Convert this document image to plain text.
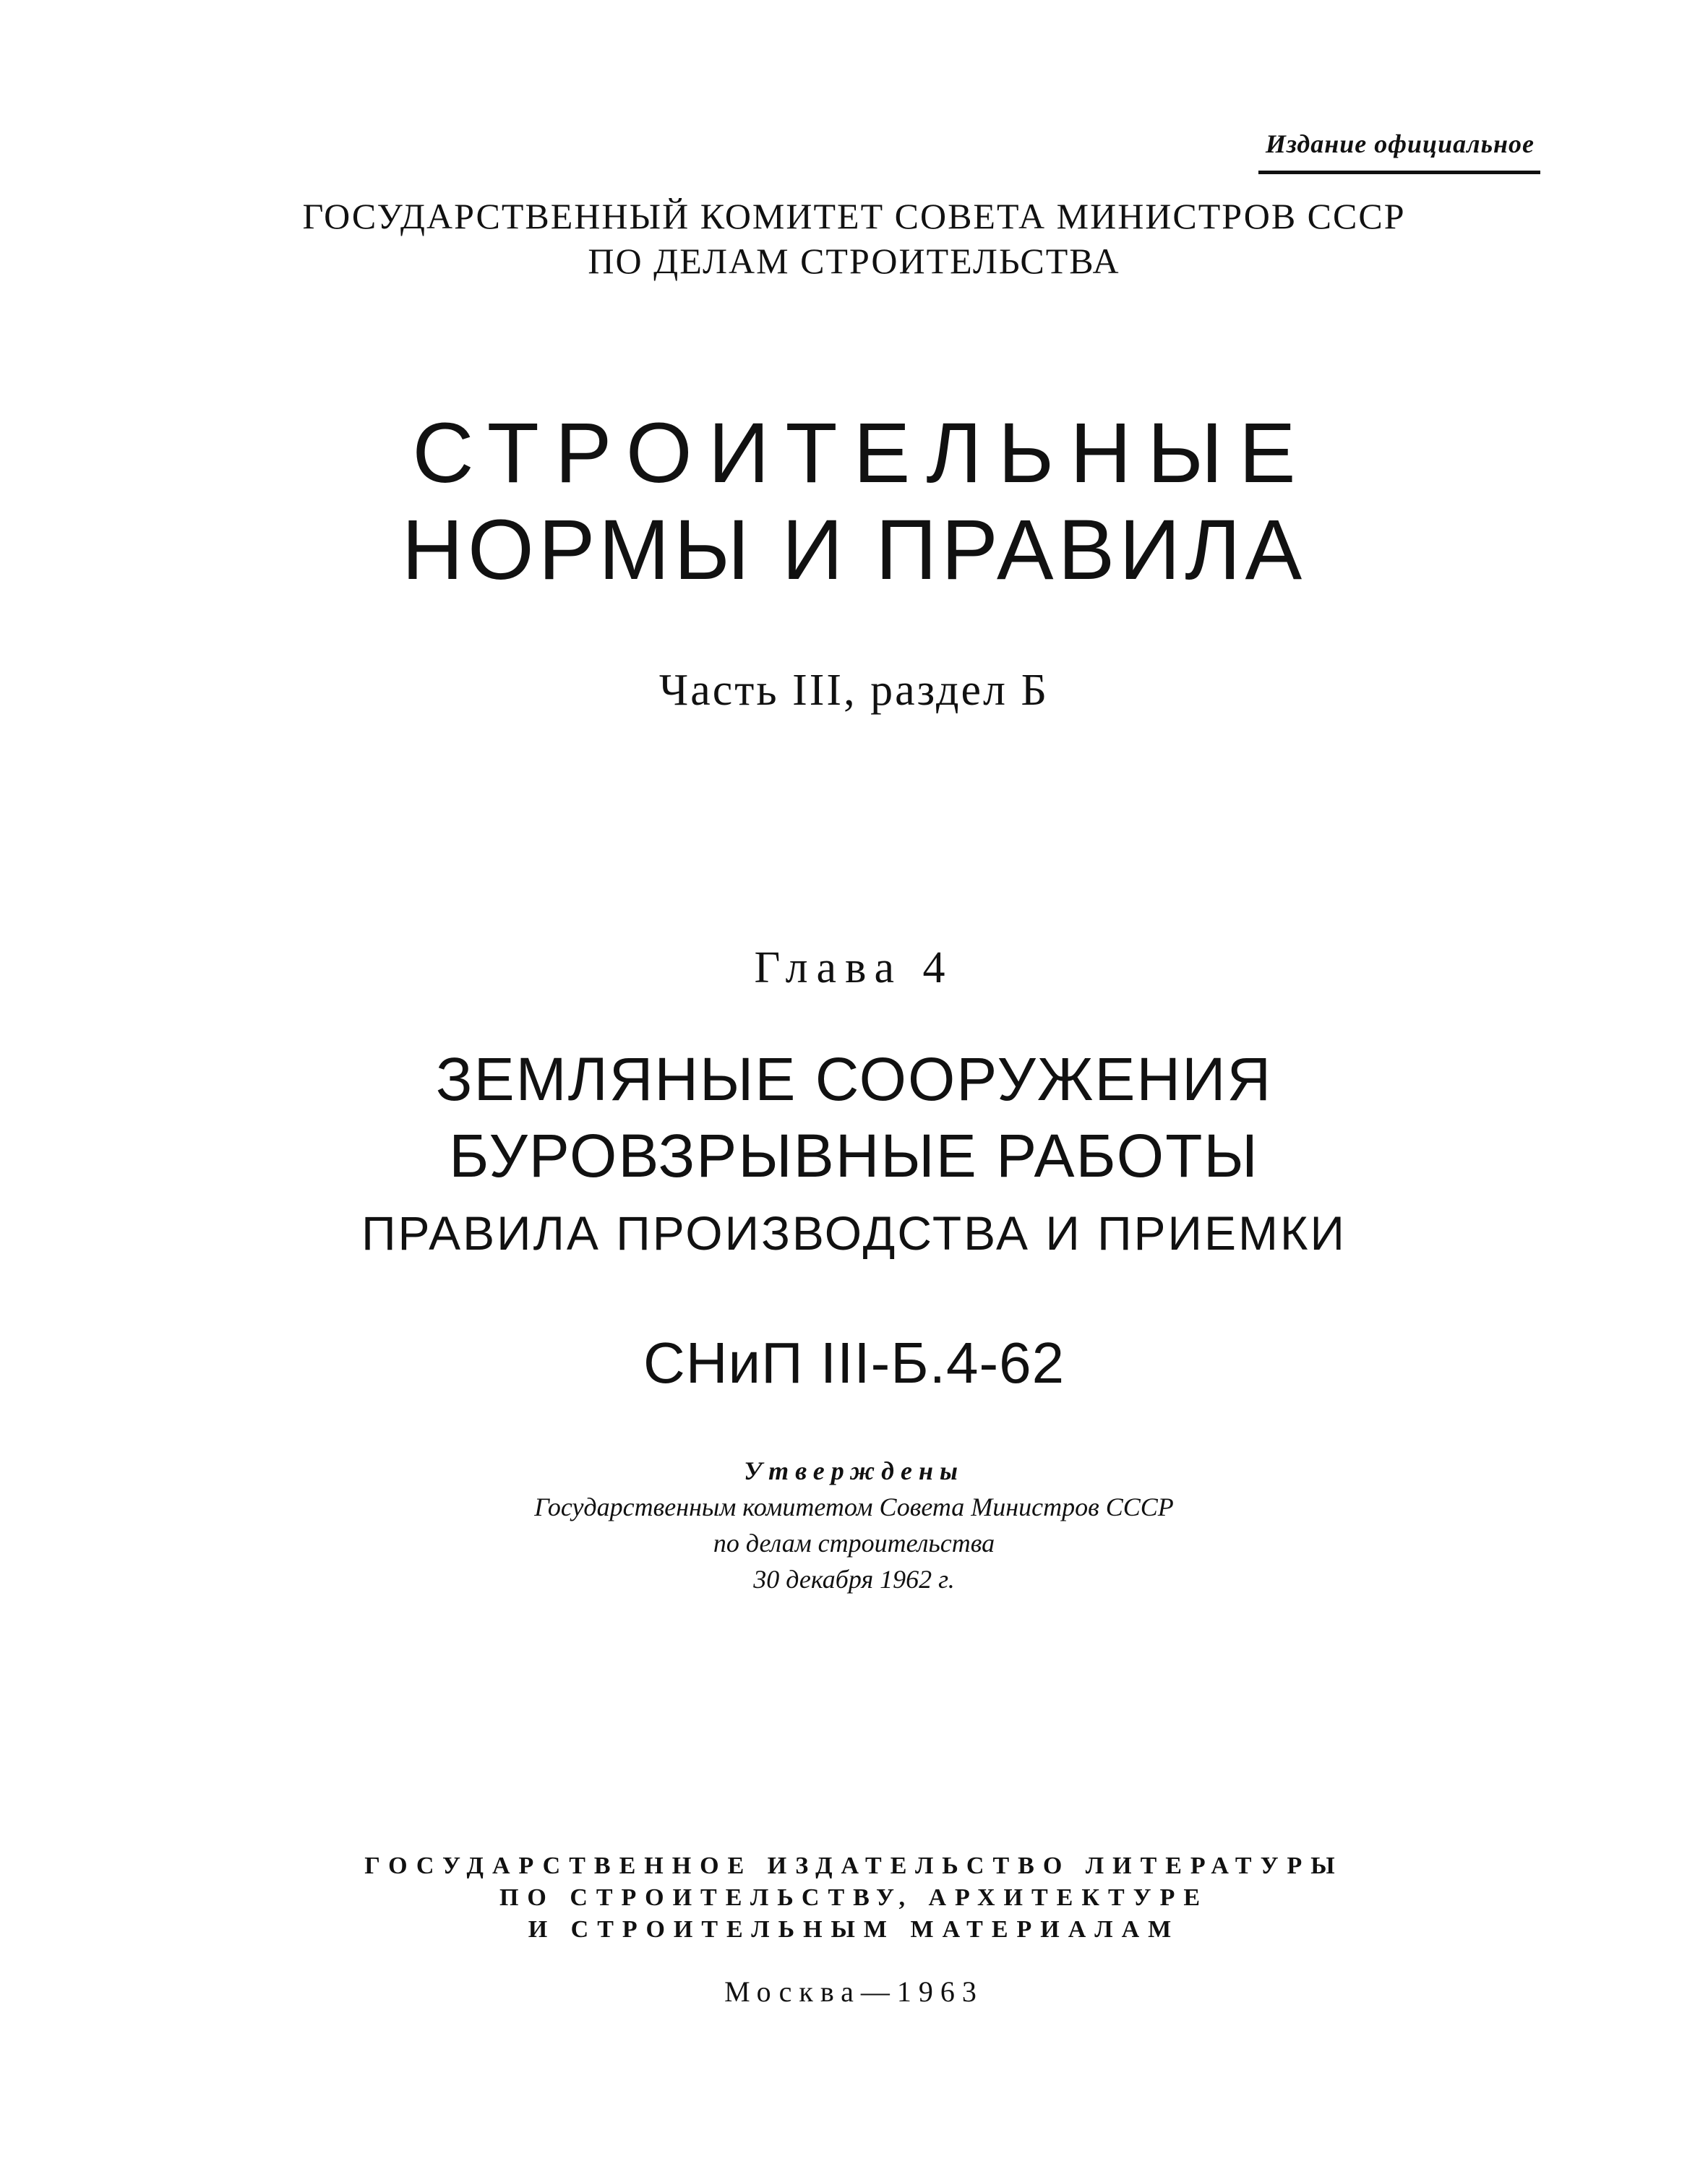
Издание официальное
ГОСУДАРСТВЕННЫЙ КОМИТЕТ СОВЕТА МИНИСТРОВ СССР
ПО ДЕЛАМ СТРОИТЕЛЬСТВА
СТРОИТЕЛЬНЫЕ
НОРМЫ И ПРАВИЛА
Часть III, раздел Б
Глава 4
ЗЕМЛЯНЫЕ СООРУЖЕНИЯ
БУРОВЗРЫВНЫЕ РАБОТЫ
ПРАВИЛА ПРОИЗВОДСТВА И ПРИЕМКИ
СНиП III-Б.4-62
Утверждены
Государственным комитетом Совета Министров СССР
по делам строительства
30 декабря 1962 г.
ГОСУДАРСТВЕННОЕ ИЗДАТЕЛЬСТВО ЛИТЕРАТУРЫ
ПО СТРОИТЕЛЬСТВУ, АРХИТЕКТУРЕ
И СТРОИТЕЛЬНЫМ МАТЕРИАЛАМ
Москва—1963
